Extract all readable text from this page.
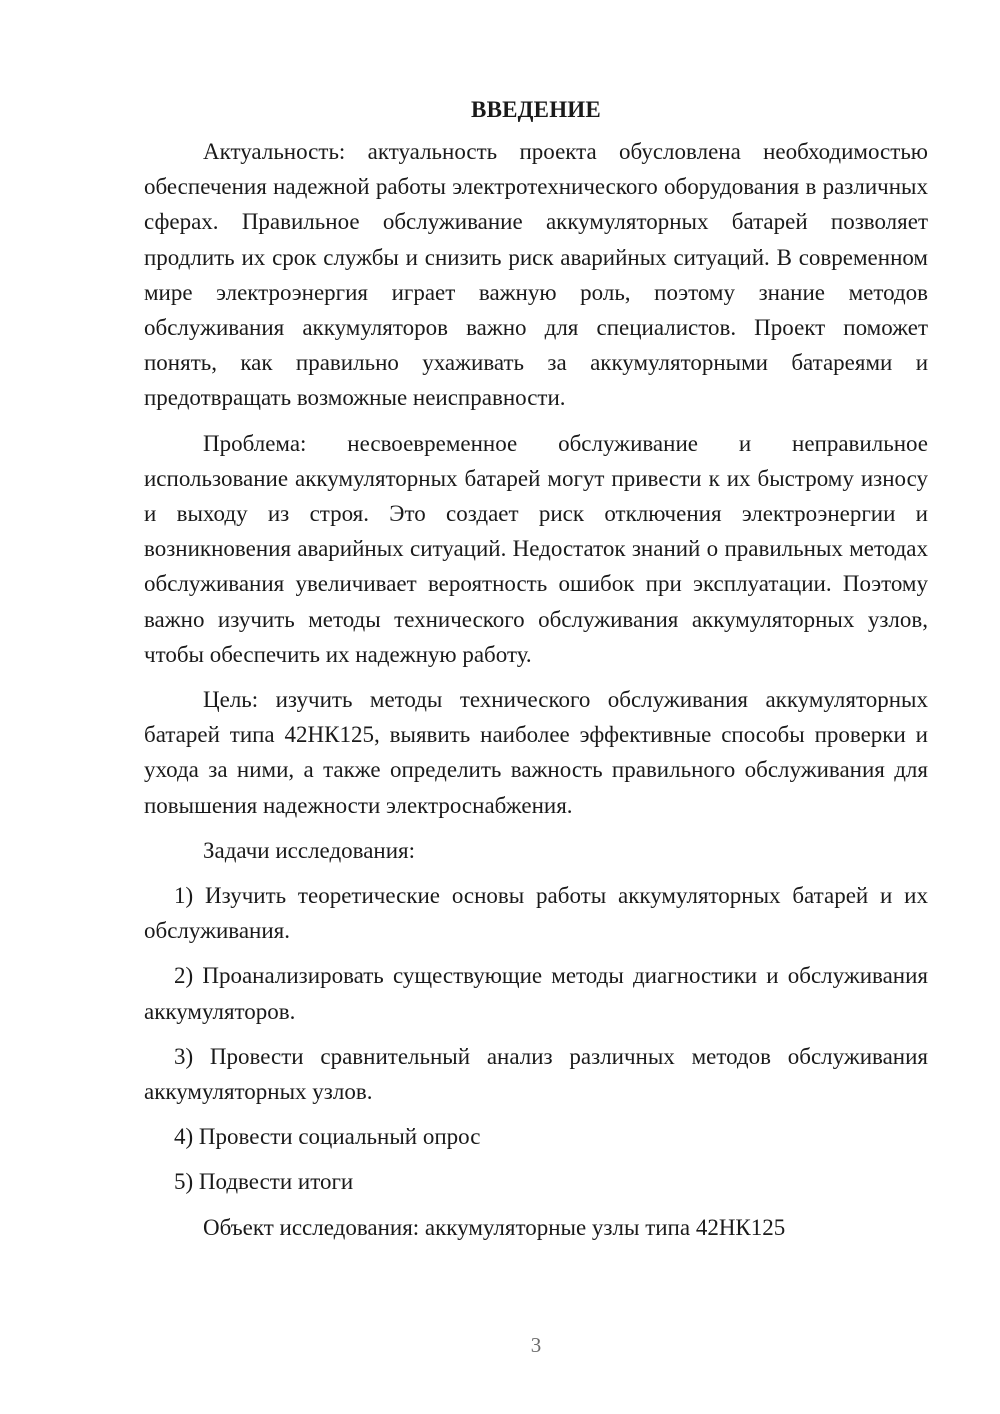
ВВЕДЕНИЕ

Актуальность: актуальность проекта обусловлена необходимостью обеспечения надежной работы электротехнического оборудования в различных сферах. Правильное обслуживание аккумуляторных батарей позволяет продлить их срок службы и снизить риск аварийных ситуаций. В современном мире электроэнергия играет важную роль, поэтому знание методов обслуживания аккумуляторов важно для специалистов. Проект поможет понять, как правильно ухаживать за аккумуляторными батареями и предотвращать возможные неисправности.

Проблема: несвоевременное обслуживание и неправильное использование аккумуляторных батарей могут привести к их быстрому износу и выходу из строя. Это создает риск отключения электроэнергии и возникновения аварийных ситуаций. Недостаток знаний о правильных методах обслуживания увеличивает вероятность ошибок при эксплуатации. Поэтому важно изучить методы технического обслуживания аккумуляторных узлов, чтобы обеспечить их надежную работу.

Цель: изучить методы технического обслуживания аккумуляторных батарей типа 42НК125, выявить наиболее эффективные способы проверки и ухода за ними, а также определить важность правильного обслуживания для повышения надежности электроснабжения.

Задачи исследования:

1) Изучить теоретические основы работы аккумуляторных батарей и их обслуживания.

2) Проанализировать существующие методы диагностики и обслуживания аккумуляторов.

3) Провести сравнительный анализ различных методов обслуживания аккумуляторных узлов.

4) Провести социальный опрос

5) Подвести итоги

Объект исследования: аккумуляторные узлы типа 42НК125

3
